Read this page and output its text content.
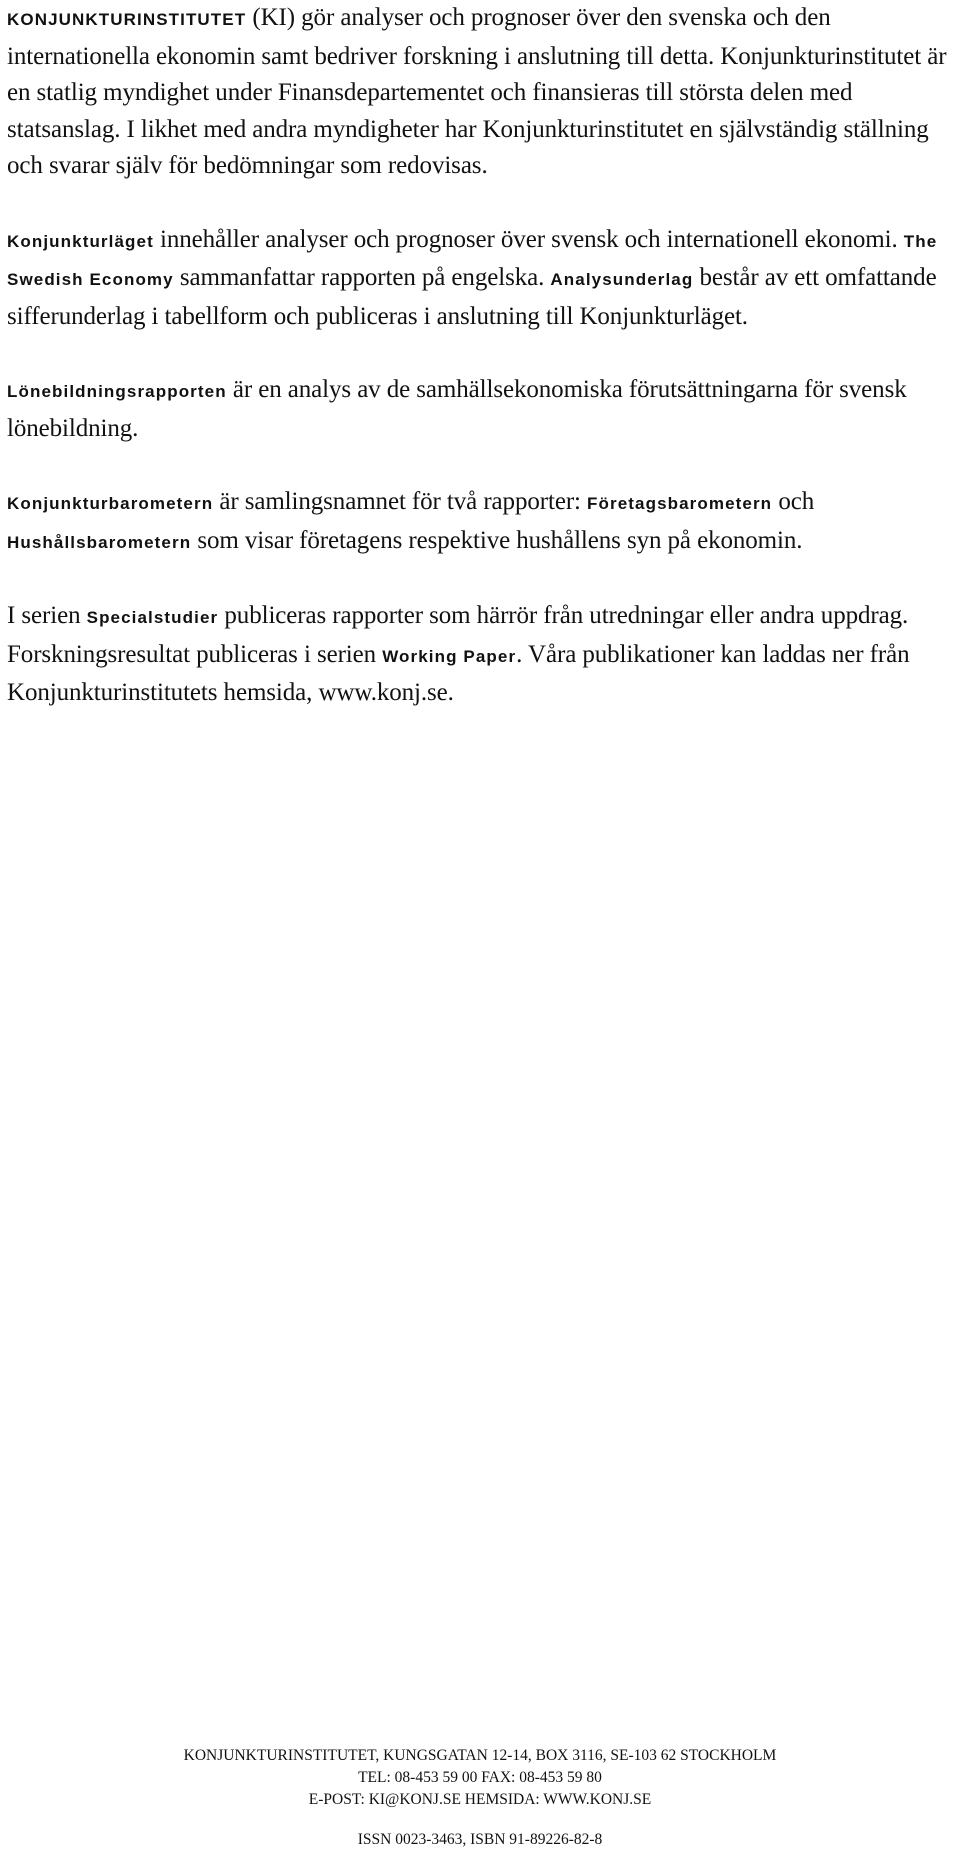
KONJUNKTURINSTITUTET (KI) gör analyser och prognoser över den svenska och den internationella ekonomin samt bedriver forskning i anslutning till detta. Konjunkturinstitutet är en statlig myndighet under Finansdepartementet och finansieras till största delen med statsanslag. I likhet med andra myndigheter har Konjunkturinstitutet en självständig ställning och svarar själv för bedömningar som redovisas.

Konjunkturläget innehåller analyser och prognoser över svensk och internationell ekonomi. The Swedish Economy sammanfattar rapporten på engelska. Analysunderlag består av ett omfattande sifferunderlag i tabellform och publiceras i anslutning till Konjunkturläget.

Lönebildningsrapporten är en analys av de samhällsekonomiska förutsättningarna för svensk lönebildning.

Konjunkturbarometern är samlingsnamnet för två rapporter: Företagsbarometern och Hushållsbarometern som visar företagens respektive hushållens syn på ekonomin.

I serien Specialstudier publiceras rapporter som härrör från utredningar eller andra uppdrag. Forskningsresultat publiceras i serien Working Paper. Våra publikationer kan laddas ner från Konjunkturinstitutets hemsida, www.konj.se.

KONJUNKTURINSTITUTET, KUNGSGATAN 12-14, BOX 3116, SE-103 62 STOCKHOLM
TEL: 08-453 59 00 FAX: 08-453 59 80
E-POST: KI@KONJ.SE HEMSIDA: WWW.KONJ.SE
ISSN 0023-3463, ISBN 91-89226-82-8
